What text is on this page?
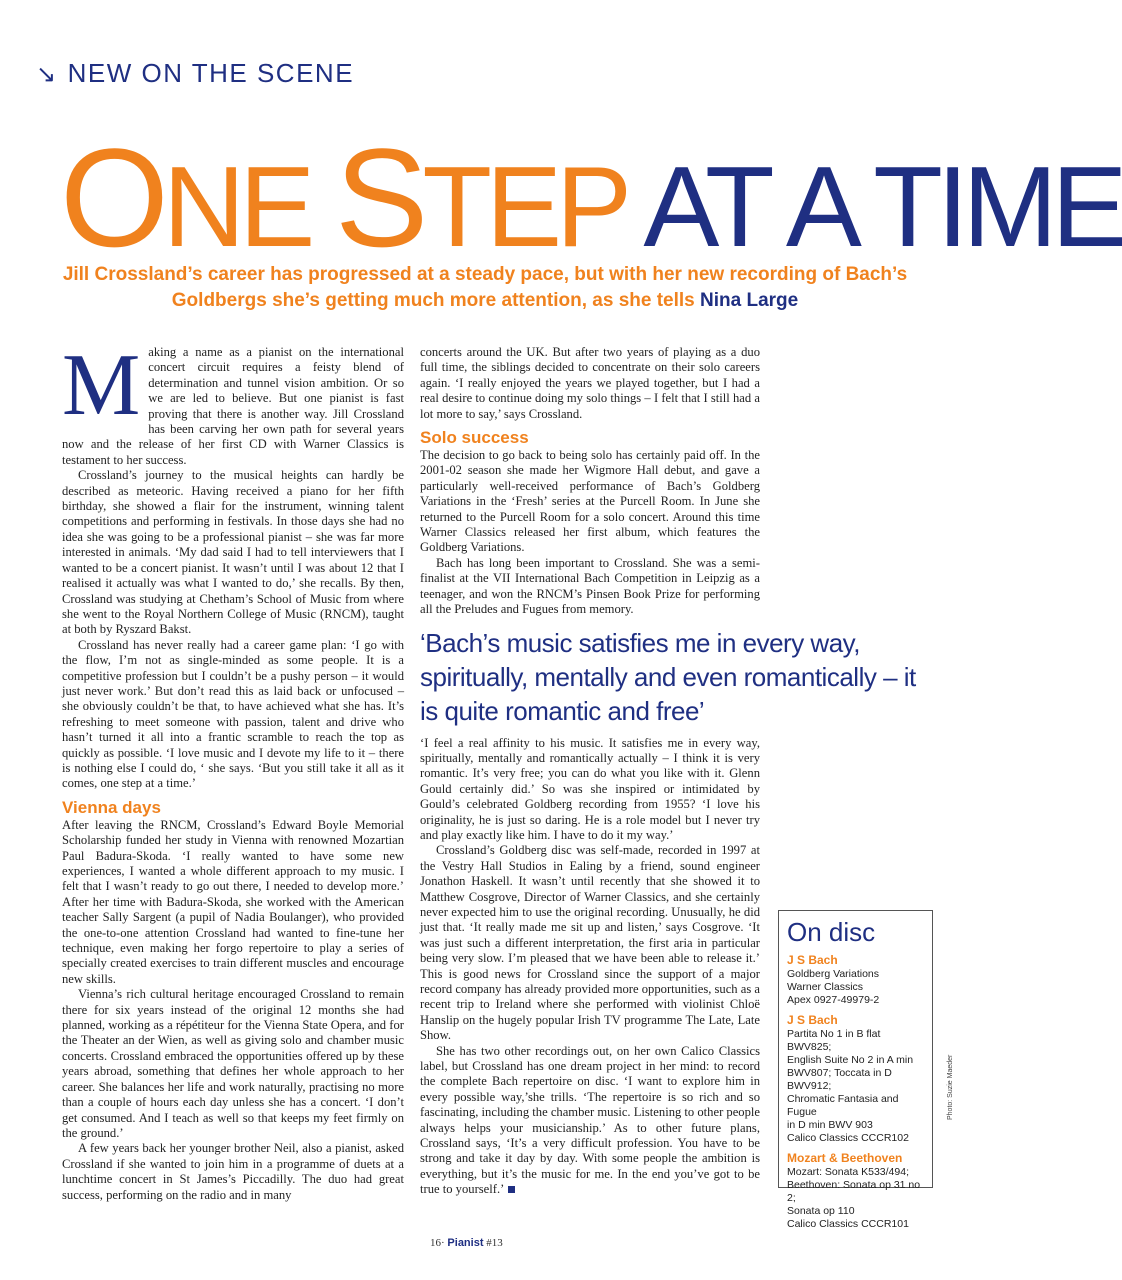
↘ NEW ON THE SCENE
ONE STEP AT A TIME
Jill Crossland’s career has progressed at a steady pace, but with her new recording of Bach’s Goldbergs she’s getting much more attention, as she tells Nina Large
M aking a name as a pianist on the international concert circuit requires a feisty blend of determination and tunnel vision ambition. Or so we are led to believe. But one pianist is fast proving that there is another way. Jill Crossland has been carving her own path for several years now and the release of her first CD with Warner Classics is testament to her success.

Crossland’s journey to the musical heights can hardly be described as meteoric. Having received a piano for her fifth birthday, she showed a flair for the instrument, winning talent competitions and performing in festivals. In those days she had no idea she was going to be a professional pianist – she was far more interested in animals. ‘My dad said I had to tell interviewers that I wanted to be a concert pianist. It wasn’t until I was about 12 that I realised it actually was what I wanted to do,’ she recalls. By then, Crossland was studying at Chetham’s School of Music from where she went to the Royal Northern College of Music (RNCM), taught at both by Ryszard Bakst.

Crossland has never really had a career game plan: ‘I go with the flow, I’m not as single-minded as some people. It is a competitive profession but I couldn’t be a pushy person – it would just never work.’ But don’t read this as laid back or unfocused – she obviously couldn’t be that, to have achieved what she has. It’s refreshing to meet someone with passion, talent and drive who hasn’t turned it all into a frantic scramble to reach the top as quickly as possible. ‘I love music and I devote my life to it – there is nothing else I could do, ‘ she says. ‘But you still take it all as it comes, one step at a time.’

Vienna days

After leaving the RNCM, Crossland’s Edward Boyle Memorial Scholarship funded her study in Vienna with renowned Mozartian Paul Badura-Skoda. ‘I really wanted to have some new experiences, I wanted a whole different approach to my music. I felt that I wasn’t ready to go out there, I needed to develop more.’ After her time with Badura-Skoda, she worked with the American teacher Sally Sargent (a pupil of Nadia Boulanger), who provided the one-to-one attention Crossland had wanted to fine-tune her technique, even making her forgo repertoire to play a series of specially created exercises to train different muscles and encourage new skills.

Vienna’s rich cultural heritage encouraged Crossland to remain there for six years instead of the original 12 months she had planned, working as a répétiteur for the Vienna State Opera, and for the Theater an der Wien, as well as giving solo and chamber music concerts. Crossland embraced the opportunities offered up by these years abroad, something that defines her whole approach to her career. She balances her life and work naturally, practising no more than a couple of hours each day unless she has a concert. ‘I don’t get consumed. And I teach as well so that keeps my feet firmly on the ground.’

A few years back her younger brother Neil, also a pianist, asked Crossland if she wanted to join him in a programme of duets at a lunchtime concert in St James’s Piccadilly. The duo had great success, performing on the radio and in many

concerts around the UK. But after two years of playing as a duo full time, the siblings decided to concentrate on their solo careers again. ‘I really enjoyed the years we played together, but I had a real desire to continue doing my solo things – I felt that I still had a lot more to say,’ says Crossland.

Solo success

The decision to go back to being solo has certainly paid off. In the 2001-02 season she made her Wigmore Hall debut, and gave a particularly well-received performance of Bach’s Goldberg Variations in the ‘Fresh’ series at the Purcell Room. In June she returned to the Purcell Room for a solo concert. Around this time Warner Classics released her first album, which features the Goldberg Variations.

Bach has long been important to Crossland. She was a semi-finalist at the VII International Bach Competition in Leipzig as a teenager, and won the RNCM’s Pinsen Book Prize for performing all the Preludes and Fugues from memory.

‘Bach’s music satisfies me in every way, spiritually, mentally and even romantically – it is quite romantic and free’

‘I feel a real affinity to his music. It satisfies me in every way, spiritually, mentally and romantically actually – I think it is very romantic. It’s very free; you can do what you like with it. Glenn Gould certainly did.’ So was she inspired or intimidated by Gould’s celebrated Goldberg recording from 1955? ‘I love his originality, he is just so daring. He is a role model but I never try and play exactly like him. I have to do it my way.’

Crossland’s Goldberg disc was self-made, recorded in 1997 at the Vestry Hall Studios in Ealing by a friend, sound engineer Jonathon Haskell. It wasn’t until recently that she showed it to Matthew Cosgrove, Director of Warner Classics, and she certainly never expected him to use the original recording. Unusually, he did just that. ‘It really made me sit up and listen,’ says Cosgrove. ‘It was just such a different interpretation, the first aria in particular being very slow. I’m pleased that we have been able to release it.’ This is good news for Crossland since the support of a major record company has already provided more opportunities, such as a recent trip to Ireland where she performed with violinist Chloë Hanslip on the hugely popular Irish TV programme The Late, Late Show.

She has two other recordings out, on her own Calico Classics label, but Crossland has one dream project in her mind: to record the complete Bach repertoire on disc. ‘I want to explore him in every possible way,’she trills. ‘The repertoire is so rich and so fascinating, including the chamber music. Listening to other people always helps your musicianship.’ As to other future plans, Crossland says, ‘It’s a very difficult profession. You have to be strong and take it day by day. With some people the ambition is everything, but it’s the music for me. In the end you’ve got to be true to yourself.’

On disc
J S Bach
Goldberg Variations
Warner Classics
Apex 0927-49979-2
J S Bach
Partita No 1 in B flat BWV825;
English Suite No 2 in A min
BWV807; Toccata in D BWV912;
Chromatic Fantasia and Fugue
in D min BWV 903
Calico Classics CCCR102
Mozart & Beethoven
Mozart: Sonata K533/494;
Beethoven: Sonata op 31 no 2;
Sonata op 110
Calico Classics CCCR101
Photo: Suzie Maeder
16· Pianist #13
